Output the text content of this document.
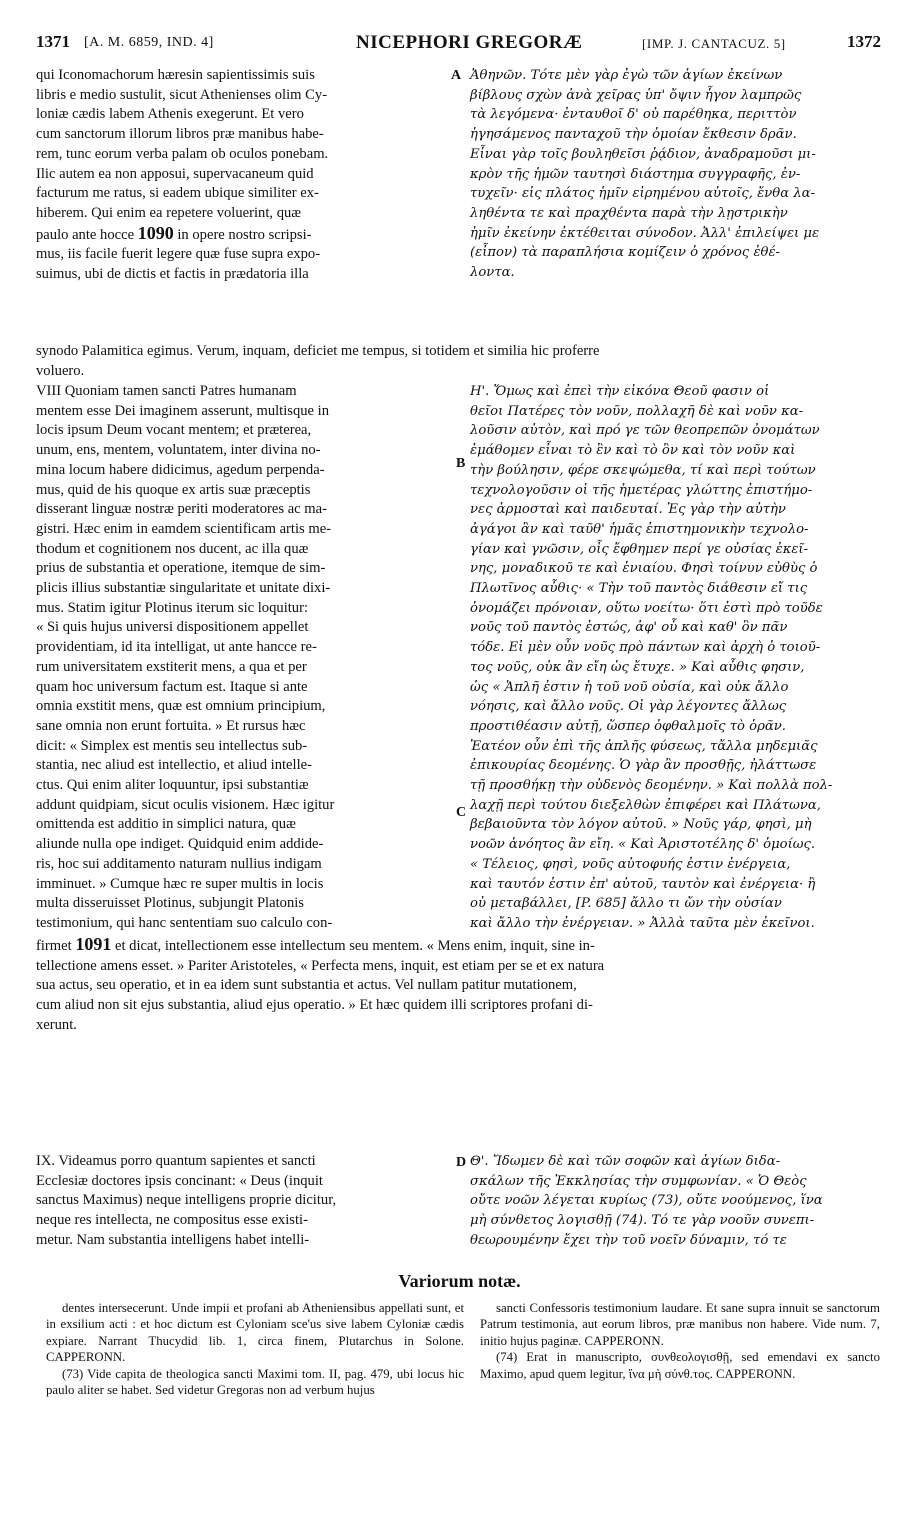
1371 [A. M. 6859, IND. 4]	NICEPHORI GREGORÆ	[IMP. J. CANTACUZ. 5]	1372

qui Iconomachorum hæresin sapientissimis suis

libris e medio sustulit, sicut Athenienses olim Cy-

loniæ cædis labem Athenis exegerunt. Et vero

cum sanctorum illorum libros præ manibus habe-

rem, tunc eorum verba palam ob oculos ponebam.

Ilic autem ea non apposui, supervacaneum quid

facturum me ratus, si eadem ubique similiter ex-

hiberem. Qui enim ea repetere voluerint, quæ

paulo ante hocce 1090 in opere nostro scripsi-

mus, iis facile fuerit legere quæ fuse supra expo-

suimus, ubi de dictis et factis in prædatoria illa

A Ἀθηνῶν. Τότε μὲν γὰρ ἐγὼ τῶν ἁγίων ἐκείνων

βίβλους σχὼν ἀνὰ χεῖρας ὑπ' ὄψιν ἦγον λαμπρῶς

τὰ λεγόμενα· ἐνταυθοῖ δ' οὐ παρέθηκα, περιττὸν

ἡγησάμενος πανταχοῦ τὴν ὁμοίαν ἔκθεσιν δρᾶν.

Εἶναι γὰρ τοῖς βουληθεῖσι ῥᾴδιον, ἀναδραμοῦσι μι-

κρὸν τῆς ἡμῶν ταυτησὶ διάστημα συγγραφῆς, ἐν-

τυχεῖν· εἰς πλάτος ἡμῖν εἰρημένου αὐτοῖς, ἔνθα λα-

ληθέντα τε καὶ πραχθέντα παρὰ τὴν λῃστρικὴν

ἡμῖν ἐκείνην ἐκτέθειται σύνοδον. Ἀλλ' ἐπιλείψει με

(εἶπον) τὰ παραπλήσια κομίζειν ὁ χρόνος ἐθέ-

λοντα.

synodo Palamitica egimus. Verum, inquam, deficiet me tempus, si totidem et similia hic proferre

voluero.

VIII Quoniam tamen sancti Patres humanam

mentem esse Dei imaginem asserunt, multisque in

locis ipsum Deum vocant mentem; et præterea,

unum, ens, mentem, voluntatem, inter divina no-

mina locum habere didicimus, agedum perpenda-

mus, quid de his quoque ex artis suæ præceptis

disserant linguæ nostræ periti moderatores ac ma-

gistri. Hæc enim in eamdem scientificam artis me-

thodum et cognitionem nos ducent, ac illa quæ

prius de substantia et operatione, itemque de sim-

plicis illius substantiæ singularitate et unitate dixi-

mus. Statim igitur Plotinus iterum sic loquitur:

« Si quis hujus universi dispositionem appellet

providentiam, id ita intelligat, ut ante hancce re-

rum universitatem exstiterit mens, a qua et per

quam hoc universum factum est. Itaque si ante

omnia exstitit mens, quæ est omnium principium,

sane omnia non erunt fortuita. » Et rursus hæc

dicit: « Simplex est mentis seu intellectus sub-

stantia, nec aliud est intellectio, et aliud intelle-

ctus. Qui enim aliter loquuntur, ipsi substantiæ

addunt quidpiam, sicut oculis visionem. Hæc igitur

omittenda est additio in simplici natura, quæ

aliunde nulla ope indiget. Quidquid enim addide-

ris, hoc sui additamento naturam nullius indigam

imminuet. » Cumque hæc re super multis in locis

multa disseruisset Plotinus, subjungit Platonis

testimonium, qui hanc sententiam suo calculo con-

B
C

Η'. Ὅμως καὶ ἐπεὶ τὴν εἰκόνα Θεοῦ φασιν οἱ

θεῖοι Πατέρες τὸν νοῦν, πολλαχῆ δὲ καὶ νοῦν κα-

λοῦσιν αὐτὸν, καὶ πρό γε τῶν θεοπρεπῶν ὀνομάτων

ἐμάθομεν εἶναι τὸ ἓν καὶ τὸ ὂν καὶ τὸν νοῦν καὶ

τὴν βούλησιν, φέρε σκεψώμεθα, τί καὶ περὶ τούτων

τεχνολογοῦσιν οἱ τῆς ἡμετέρας γλώττης ἐπιστήμο-

νες ἁρμοσταὶ καὶ παιδευταί. Ἐς γὰρ τὴν αὐτὴν

ἀγάγοι ἂν καὶ ταῦθ' ἡμᾶς ἐπιστημονικὴν τεχνολο-

γίαν καὶ γνῶσιν, οἷς ἔφθημεν περί γε οὐσίας ἐκεῖ-

νης, μοναδικοῦ τε καὶ ἑνιαίου. Φησὶ τοίνυν εὐθὺς ὁ

Πλωτῖνος αὖθις· « Τὴν τοῦ παντὸς διάθεσιν εἴ τις

ὀνομάζει πρόνοιαν, οὕτω νοείτω· ὅτι ἐστὶ πρὸ τοῦδε

νοῦς τοῦ παντὸς ἑστώς, ἀφ' οὗ καὶ καθ' ὃν πᾶν

τόδε. Εἰ μὲν οὖν νοῦς πρὸ πάντων καὶ ἀρχὴ ὁ τοιοῦ-

τος νοῦς, οὐκ ἂν εἴη ὡς ἔτυχε. » Καὶ αὖθις φησιν,

ὡς « Ἁπλῆ ἐστιν ἡ τοῦ νοῦ οὐσία, καὶ οὐκ ἄλλο

νόησις, καὶ ἄλλο νοῦς. Οἱ γὰρ λέγοντες ἄλλως

προστιθέασιν αὐτῇ, ὥσπερ ὀφθαλμοῖς τὸ ὁρᾶν.

Ἐατέον οὖν ἐπὶ τῆς ἁπλῆς φύσεως, τἄλλα μηδεμιᾶς

ἐπικουρίας δεομένης. Ὁ γὰρ ἂν προσθῇς, ἠλάττωσε

τῇ προσθήκῃ τὴν οὐδενὸς δεομένην. » Καὶ πολλὰ πολ-

λαχῇ περὶ τούτου διεξελθὼν ἐπιφέρει καὶ Πλάτωνα,

βεβαιοῦντα τὸν λόγον αὐτοῦ. » Νοῦς γάρ, φησὶ, μὴ

νοῶν ἀνόητος ἂν εἴη. « Καὶ Ἀριστοτέλης δ' ὁμοίως.

« Τέλειος, φησὶ, νοῦς αὐτοφυής ἐστιν ἐνέργεια,

καὶ ταυτόν ἐστιν ἐπ' αὐτοῦ, ταυτὸν καὶ ἐνέργεια· ἢ

οὐ μεταβάλλει, [P. 685] ἄλλο τι ὤν τὴν οὐσίαν

καὶ ἄλλο τὴν ἐνέργειαν. » Ἀλλὰ ταῦτα μὲν ἐκεῖνοι.

firmet 1091 et dicat, intellectionem esse intellectum seu mentem. « Mens enim, inquit, sine in-

tellectione amens esset. » Pariter Aristoteles, « Perfecta mens, inquit, est etiam per se et ex natura

sua actus, seu operatio, et in ea idem sunt substantia et actus. Vel nullam patitur mutationem,

cum aliud non sit ejus substantia, aliud ejus operatio. » Et hæc quidem illi scriptores profani di-

xerunt.

IX. Videamus porro quantum sapientes et sancti

Ecclesiæ doctores ipsis concinant: « Deus (inquit

sanctus Maximus) neque intelligens proprie dicitur,

neque res intellecta, ne compositus esse existi-

metur. Nam substantia intelligens habet intelli-

D Θ'. Ἴδωμεν δὲ καὶ τῶν σοφῶν καὶ ἁγίων διδα-

σκάλων τῆς Ἐκκλησίας τὴν συμφωνίαν. « Ὁ Θεὸς

οὔτε νοῶν λέγεται κυρίως (73), οὔτε νοούμενος, ἵνα

μὴ σύνθετος λογισθῇ (74). Τό τε γὰρ νοοῦν συνεπι-

θεωρουμένην ἔχει τὴν τοῦ νοεῖν δύναμιν, τό τε

Variorum notæ.

dentes intersecerunt. Unde impii et profani ab Atheniensibus appellati sunt, et in exsilium acti : et hoc dictum est Cyloniam sce'us sive labem Cyloniæ cædis expiare. Narrant Thucydid lib. 1, circa finem, Plutarchus in Solone. CAPPERONN.

(73) Vide capita de theologica sancti Maximi tom. II, pag. 479, ubi locus hic paulo aliter se habet. Sed videtur Gregoras non ad verbum hujus

sancti Confessoris testimonium laudare. Et sane supra innuit se sanctorum Patrum testimonia, aut eorum libros, præ manibus non habere. Vide num. 7, initio hujus paginæ. CAPPERONN.

(74) Erat in manuscripto, συνθεολογισθῇ, sed emendavi ex sancto Maximo, apud quem legitur, ἵνα μὴ σύνθ.τος. CAPPERONN.
